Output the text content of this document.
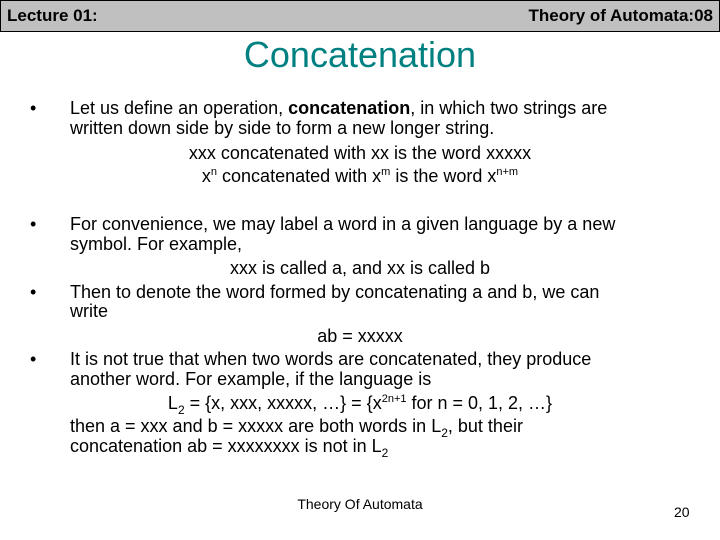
Lecture 01:	Theory of Automata:08
Concatenation
• Let us define an operation, concatenation, in which two strings are
written down side by side to form a new longer string.
xxx concatenated with xx is the word xxxxx
$x^n$ concatenated with $x^m$ is the word $x^{n+m}$
• For convenience, we may label a word in a given language by a new
symbol. For example,
xxx is called a, and xx is called b
• Then to denote the word formed by concatenating a and b, we can
write
ab = xxxxx
• It is not true that when two words are concatenated, they produce
another word. For example, if the language is
$L_2 = \{x$, xxx, xxxxx, …} = {$x^{2n+1}$ for n = 0, 1, 2, …}
then a = xxx and b = xxxxx are both words in $L_2$, but their
concatenation ab = xxxxxxxx is not in $L_2$
Theory Of Automata	20
